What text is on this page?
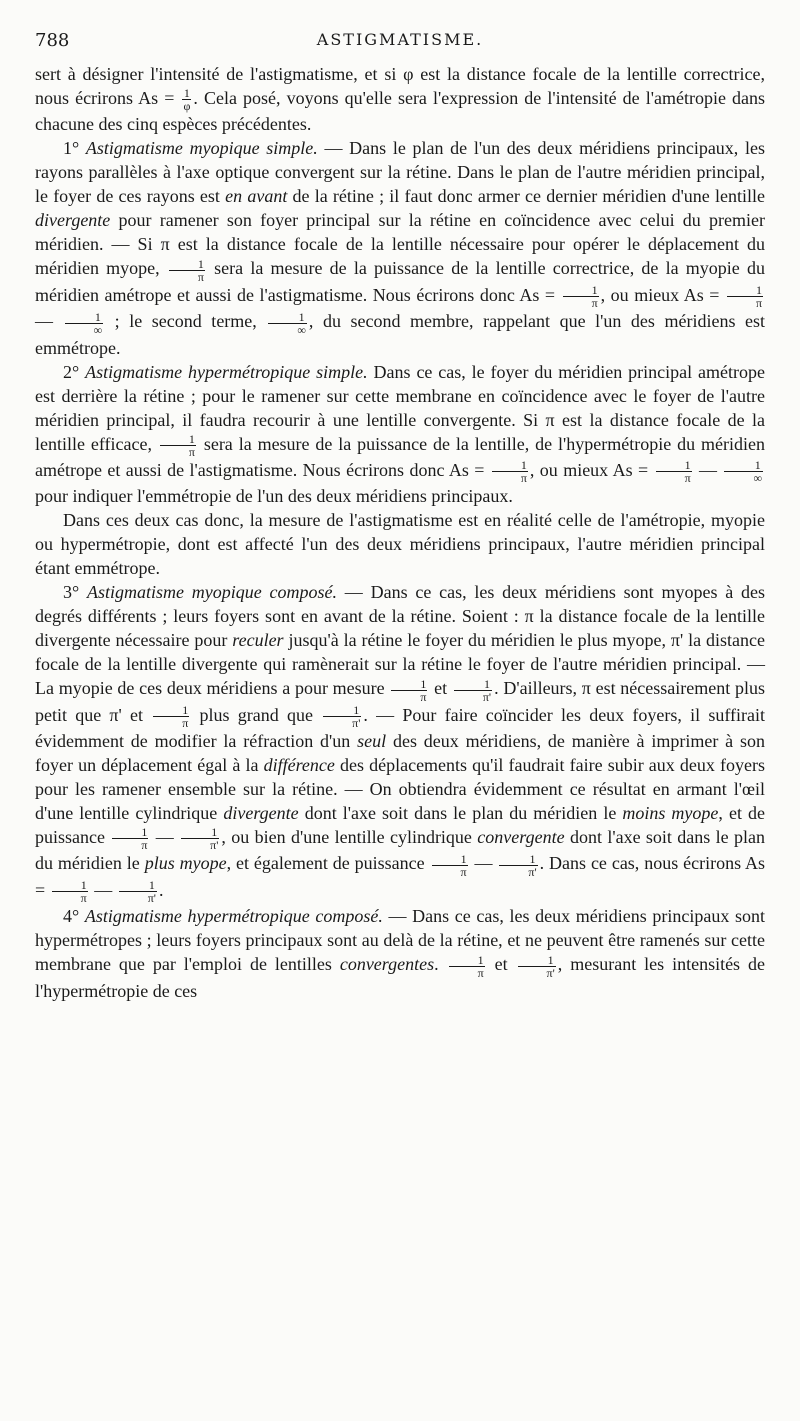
788	ASTIGMATISME.

sert à désigner l'intensité de l'astigmatisme, et si φ est la distance focale de la lentille correctrice, nous écrirons $As = \frac{1}{\varphi}$ . Cela posé, voyons qu'elle sera l'expression de l'intensité de l'amétropie dans chacune des cinq espèces précédentes.

1° Astigmatisme myopique simple. — Dans le plan de l'un des deux méridiens principaux, les rayons parallèles à l'axe optique convergent sur la rétine. Dans le plan de l'autre méridien principal, le foyer de ces rayons est en avant de la rétine ; il faut donc armer ce dernier méridien d'une lentille divergente pour ramener son foyer principal sur la rétine en coïncidence avec celui du premier méridien. — Si π est la distance focale de la lentille nécessaire pour opérer le déplacement du méridien myope, $\frac{1}{\pi}$ sera la mesure de la puissance de la lentille correctrice, de la myopie du méridien amétrope et aussi de l'astigmatisme. Nous écrirons donc $As = \frac{1}{\pi}$ , ou mieux $As = \frac{1}{\pi}$
— $\frac{1}{\infty}$ ; le second terme, $\frac{1}{\infty}$ , du second membre, rappelant que l'un des méridiens est emmétrope.

2° Astigmatisme hypermétropique simple. Dans ce cas, le foyer du méridien principal amétrope est derrière la rétine ; pour le ramener sur cette membrane en coïncidence avec le foyer de l'autre méridien principal, il faudra recourir à une lentille convergente. Si π est la distance focale de la lentille efficace, $\frac{1}{\pi}$ sera la mesure de la puissance de la lentille, de l'hypermétropie du méridien amétrope et aussi de l'astigmatisme. Nous écrirons donc $As = \frac{1}{\pi}$ , ou mieux $As = \frac{1}{\pi}$ — $\frac{1}{\infty}$
pour indiquer l'emmétropie de l'un des deux méridiens principaux.

Dans ces deux cas donc, la mesure de l'astigmatisme est en réalité celle de l'amétropie, myopie ou hypermétropie, dont est affecté l'un des deux méridiens principaux, l'autre méridien principal étant emmétrope.

3° Astigmatisme myopique composé. — Dans ce cas, les deux méridiens sont myopes à des degrés différents ; leurs foyers sont en avant de la rétine. Soient : π la distance focale de la lentille divergente nécessaire pour reculer jusqu'à la rétine le foyer du méridien le plus myope, π' la distance focale de la lentille divergente qui ramènerait sur la rétine le foyer de l'autre méridien principal. — La myopie de ces deux méridiens a pour mesure $\frac{1}{\pi}$ et $\frac{1}{\pi'}$ . D'ailleurs, π est nécessairement plus petit que π' et $\frac{1}{\pi}$ plus grand que $\frac{1}{\pi'}$ . — Pour faire coïncider les deux foyers, il suffirait évidemment de modifier la réfraction d'un seul des deux méridiens, de manière à imprimer à son foyer un déplacement égal à la différence des déplacements qu'il faudrait faire subir aux deux foyers pour les ramener ensemble sur la rétine. — On obtiendra évidemment ce résultat en armant l'œil d'une lentille cylindrique divergente dont l'axe soit dans le plan du méridien le moins myope, et de puissance $\frac{1}{\pi}$ — $\frac{1}{\pi'}$ , ou bien d'une lentille cylindrique convergente dont l'axe soit dans le plan du méridien le plus myope, et également de puissance $\frac{1}{\pi}$ — $\frac{1}{\pi'}$ . Dans ce cas, nous écrirons $As = \frac{1}{\pi}$ — $\frac{1}{\pi'}$ .

4° Astigmatisme hypermétropique composé. — Dans ce cas, les deux méridiens principaux sont hypermétropes ; leurs foyers principaux sont au delà de la rétine, et ne peuvent être ramenés sur cette membrane que par l'emploi de lentilles convergentes. $\frac{1}{\pi}$ et $\frac{1}{\pi'}$ , mesurant les intensités de l'hypermétropie de ces
